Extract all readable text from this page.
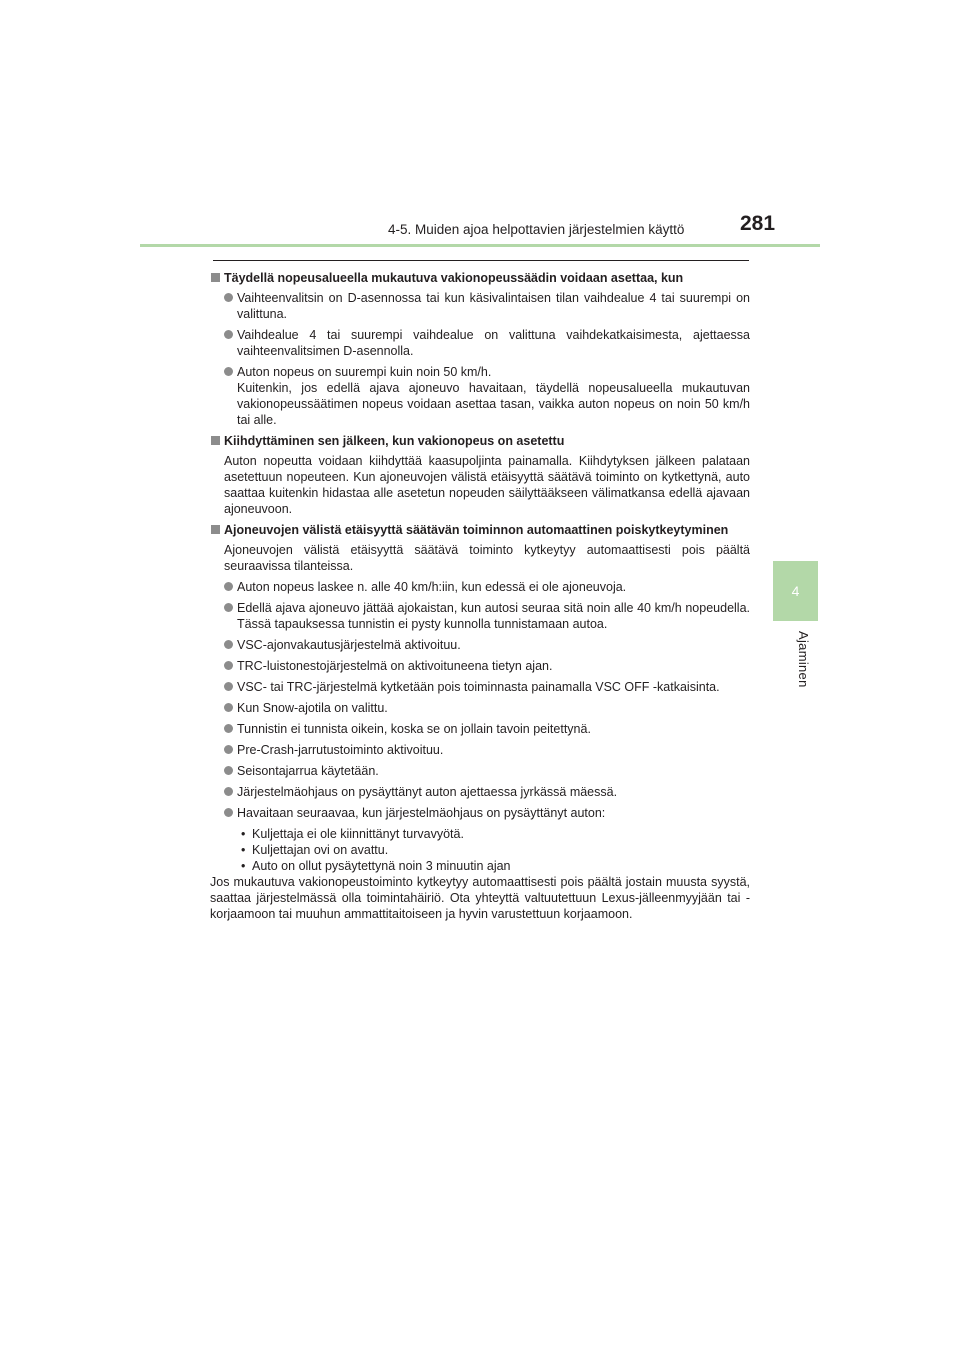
4-5. Muiden ajoa helpottavien järjestelmien käyttö	281
4
Ajaminen
Täydellä nopeusalueella mukautuva vakionopeussäädin voidaan asettaa, kun
Vaihteenvalitsin on D-asennossa tai kun käsivalintaisen tilan vaihdealue 4 tai suurempi on valittuna.
Vaihdealue 4 tai suurempi vaihdealue on valittuna vaihdekatkaisimesta, ajettaessa vaihteenvalitsimen D-asennolla.
Auton nopeus on suurempi kuin noin 50 km/h.
Kuitenkin, jos edellä ajava ajoneuvo havaitaan, täydellä nopeusalueella mukautuvan vakionopeussäätimen nopeus voidaan asettaa tasan, vaikka auton nopeus on noin 50 km/h tai alle.
Kiihdyttäminen sen jälkeen, kun vakionopeus on asetettu
Auton nopeutta voidaan kiihdyttää kaasupoljinta painamalla. Kiihdytyksen jälkeen palataan asetettuun nopeuteen. Kun ajoneuvojen välistä etäisyyttä säätävä toiminto on kytkettynä, auto saattaa kuitenkin hidastaa alle asetetun nopeuden säilyttääkseen välimatkansa edellä ajavaan ajoneuvoon.
Ajoneuvojen välistä etäisyyttä säätävän toiminnon automaattinen poiskytkeytyminen
Ajoneuvojen välistä etäisyyttä säätävä toiminto kytkeytyy automaattisesti pois päältä seuraavissa tilanteissa.
Auton nopeus laskee n. alle 40 km/h:iin, kun edessä ei ole ajoneuvoja.
Edellä ajava ajoneuvo jättää ajokaistan, kun autosi seuraa sitä noin alle 40 km/h nopeudella. Tässä tapauksessa tunnistin ei pysty kunnolla tunnistamaan autoa.
VSC-ajonvakautusjärjestelmä aktivoituu.
TRC-luistonestojärjestelmä on aktivoituneena tietyn ajan.
VSC- tai TRC-järjestelmä kytketään pois toiminnasta painamalla VSC OFF -katkaisinta.
Kun Snow-ajotila on valittu.
Tunnistin ei tunnista oikein, koska se on jollain tavoin peitettynä.
Pre-Crash-jarrutustoiminto aktivoituu.
Seisontajarrua käytetään.
Järjestelmäohjaus on pysäyttänyt auton ajettaessa jyrkässä mäessä.
Havaitaan seuraavaa, kun järjestelmäohjaus on pysäyttänyt auton:
• Kuljettaja ei ole kiinnittänyt turvavyötä.
• Kuljettajan ovi on avattu.
• Auto on ollut pysäytettynä noin 3 minuutin ajan
Jos mukautuva vakionopeustoiminto kytkeytyy automaattisesti pois päältä jostain muusta syystä, saattaa järjestelmässä olla toimintahäiriö. Ota yhteyttä valtuutettuun Lexus-jälleenmyyjään tai -korjaamoon tai muuhun ammattitaitoiseen ja hyvin varustettuun korjaamoon.
